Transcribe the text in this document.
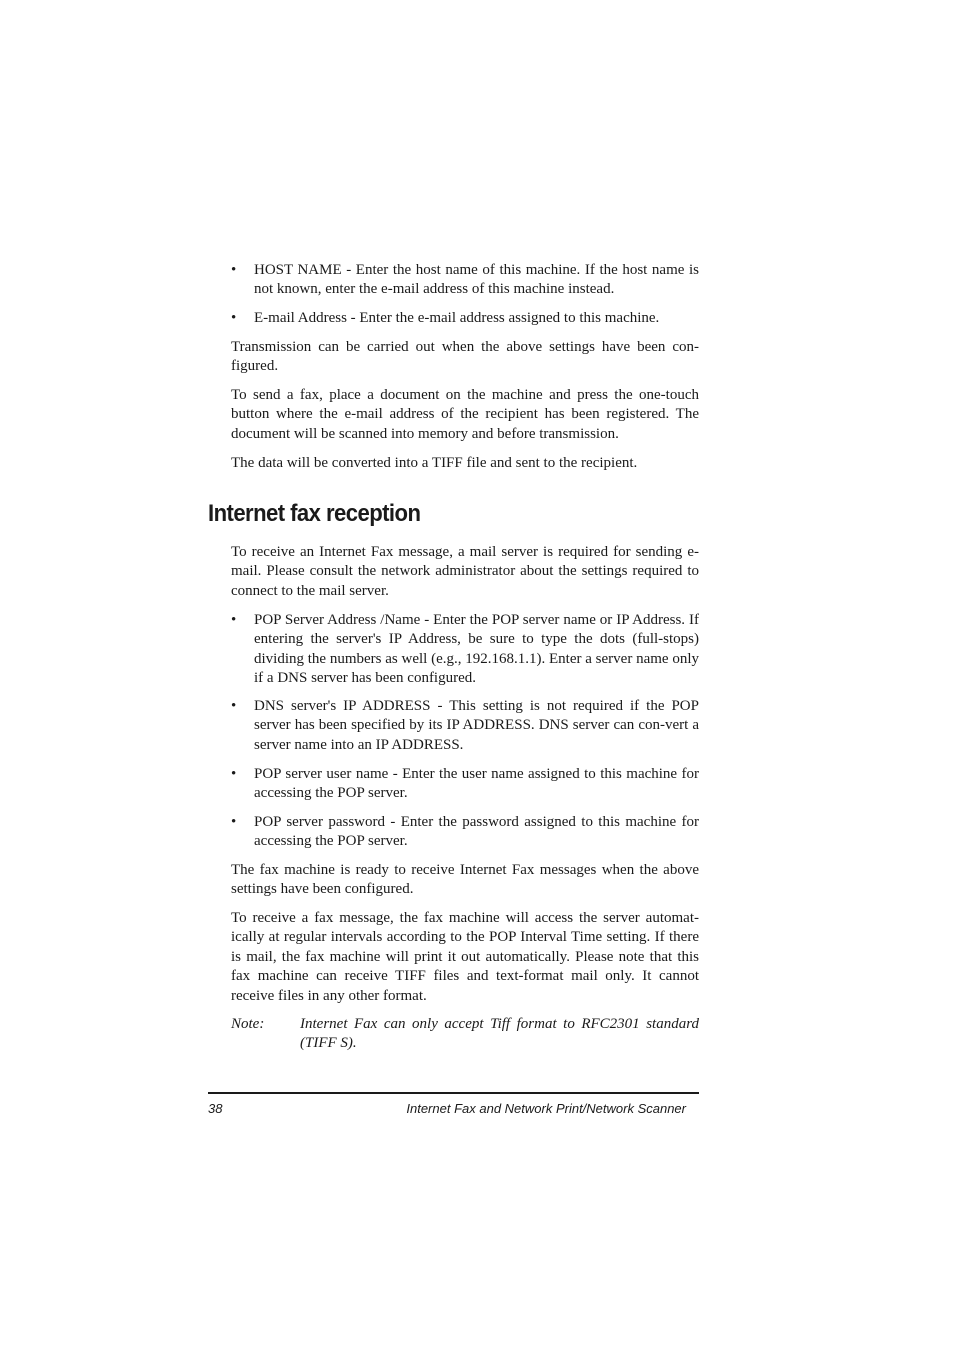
•	HOST NAME - Enter the host name of this machine. If the host name is not known, enter the e-mail address of this machine instead.
•	E-mail Address - Enter the e-mail address assigned to this machine.
Transmission can be carried out when the above settings have been con-figured.
To send a fax, place a document on the machine and press the one-touch button where the e-mail address of the recipient has been registered. The document will be scanned into memory and before transmission.
The data will be converted into a TIFF file and sent to the recipient.
Internet fax reception
To receive an Internet Fax message, a mail server is required for sending e-mail. Please consult the network administrator about the settings required to connect to the mail server.
•	POP Server Address /Name - Enter the POP server name or IP Address. If entering the server's IP Address, be sure to type the dots (full-stops) dividing the numbers as well (e.g., 192.168.1.1). Enter a server name only if a DNS server has been configured.
•	DNS server's IP ADDRESS - This setting is not required if the POP server has been specified by its IP ADDRESS. DNS server can con-vert a server name into an IP ADDRESS.
•	POP server user name - Enter the user name assigned to this machine for accessing the POP server.
•	POP server password - Enter the password assigned to this machine for accessing the POP server.
The fax machine is ready to receive Internet Fax messages when the above settings have been configured.
To receive a fax message, the fax machine will access the server automat-ically at regular intervals according to the POP Interval Time setting. If there is mail, the fax machine will print it out automatically. Please note that this fax machine can receive TIFF files and text-format mail only. It cannot receive files in any other format.
Note: Internet Fax can only accept Tiff format to RFC2301 standard (TIFF S).
38	Internet Fax and Network Print/Network Scanner
